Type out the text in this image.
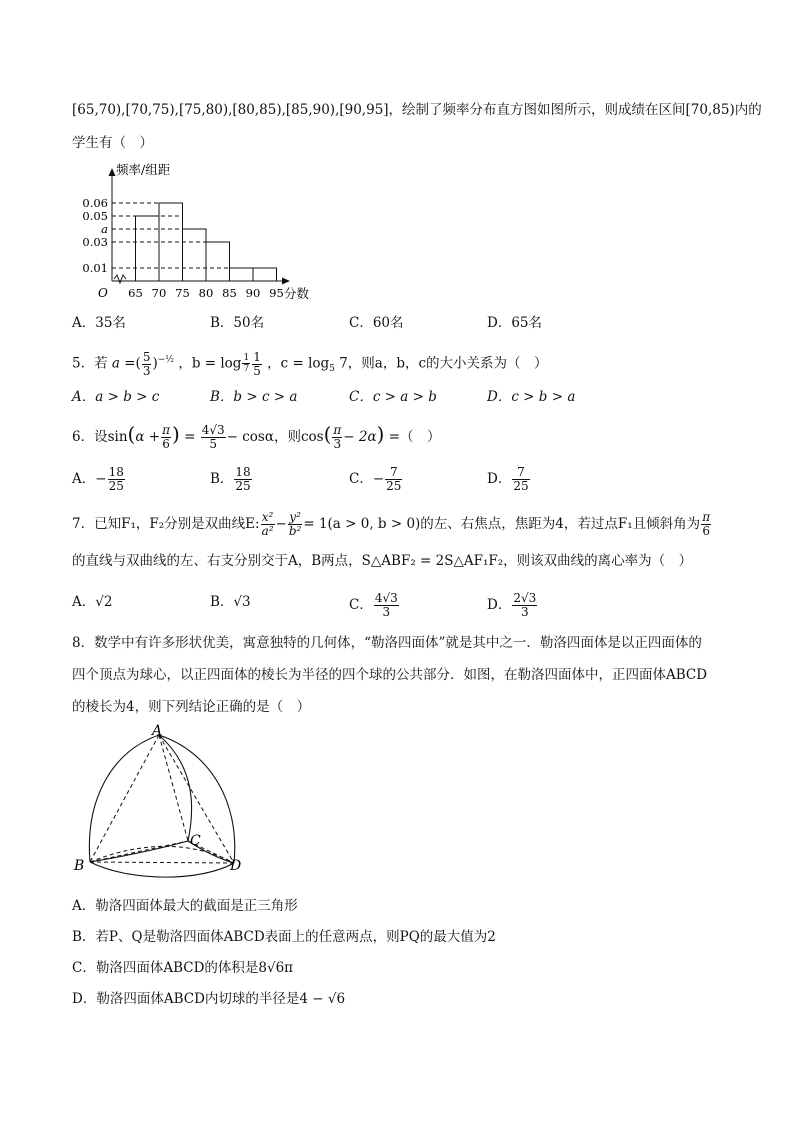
[65,70),[70,75),[75,80),[80,85),[85,90),[90,95]，绘制了频率分布直方图如图所示，则成绩在区间[70,85)内的
学生有（　）
0.06
0.05
a
0.03
0.01
65 70 75 80 85 90 95
O
频率/组距
分数
A．35名	B．50名	C．60名	D．65名
5．若 a =( $\frac{5}{3} )^{-\frac{1}{2}}$ ，$b = \log \frac{1}{7} \frac{1}{5}$ ，$c = \log_5 7$，则a，b，c的大小关系为（　）
A．a > b > c	B．b > c > a	C．c > a > b	D．c > b > a
6．设$\sin(\alpha + \frac{\pi}{6}$ ) = $\frac{4√3}{5} - \cos\alpha$，则$\cos( \frac{\pi}{3} - 2\alpha)$ =（　）
A．− $\frac{18}{25}$	B． $\frac{18}{25}$	C．− $\frac{7}{25}$	D． $\frac{7}{25}$
7．已知F₁，F₂分别是双曲线E: $\frac{\text{x²}}{\text{a²}} - \frac{\text{y²}}{\text{b²}} = 1(a > 0$, b > 0)的左、右焦点，焦距为4，若过点F₁且倾斜角为 $\frac{\pi}{6}$
的直线与双曲线的左、右支分别交于A，B两点，S△ABF₂ = 2S△AF₁F₂，则该双曲线的离心率为（　）
A．√2	B．√3	C． $\frac{4√3}{3}$	D． $\frac{2√3}{3}$
8．数学中有许多形状优美，寓意独特的几何体，“勒洛四面体”就是其中之一．勒洛四面体是以正四面体的
四个顶点为球心，以正四面体的棱长为半径的四个球的公共部分．如图，在勒洛四面体中，正四面体ABCD
的棱长为4，则下列结论正确的是（　）
A
B
C
D
A．勒洛四面体最大的截面是正三角形
B．若P、Q是勒洛四面体ABCD表面上的任意两点，则PQ的最大值为2
C．勒洛四面体ABCD的体积是8√6π
D．勒洛四面体ABCD内切球的半径是4 − √6
